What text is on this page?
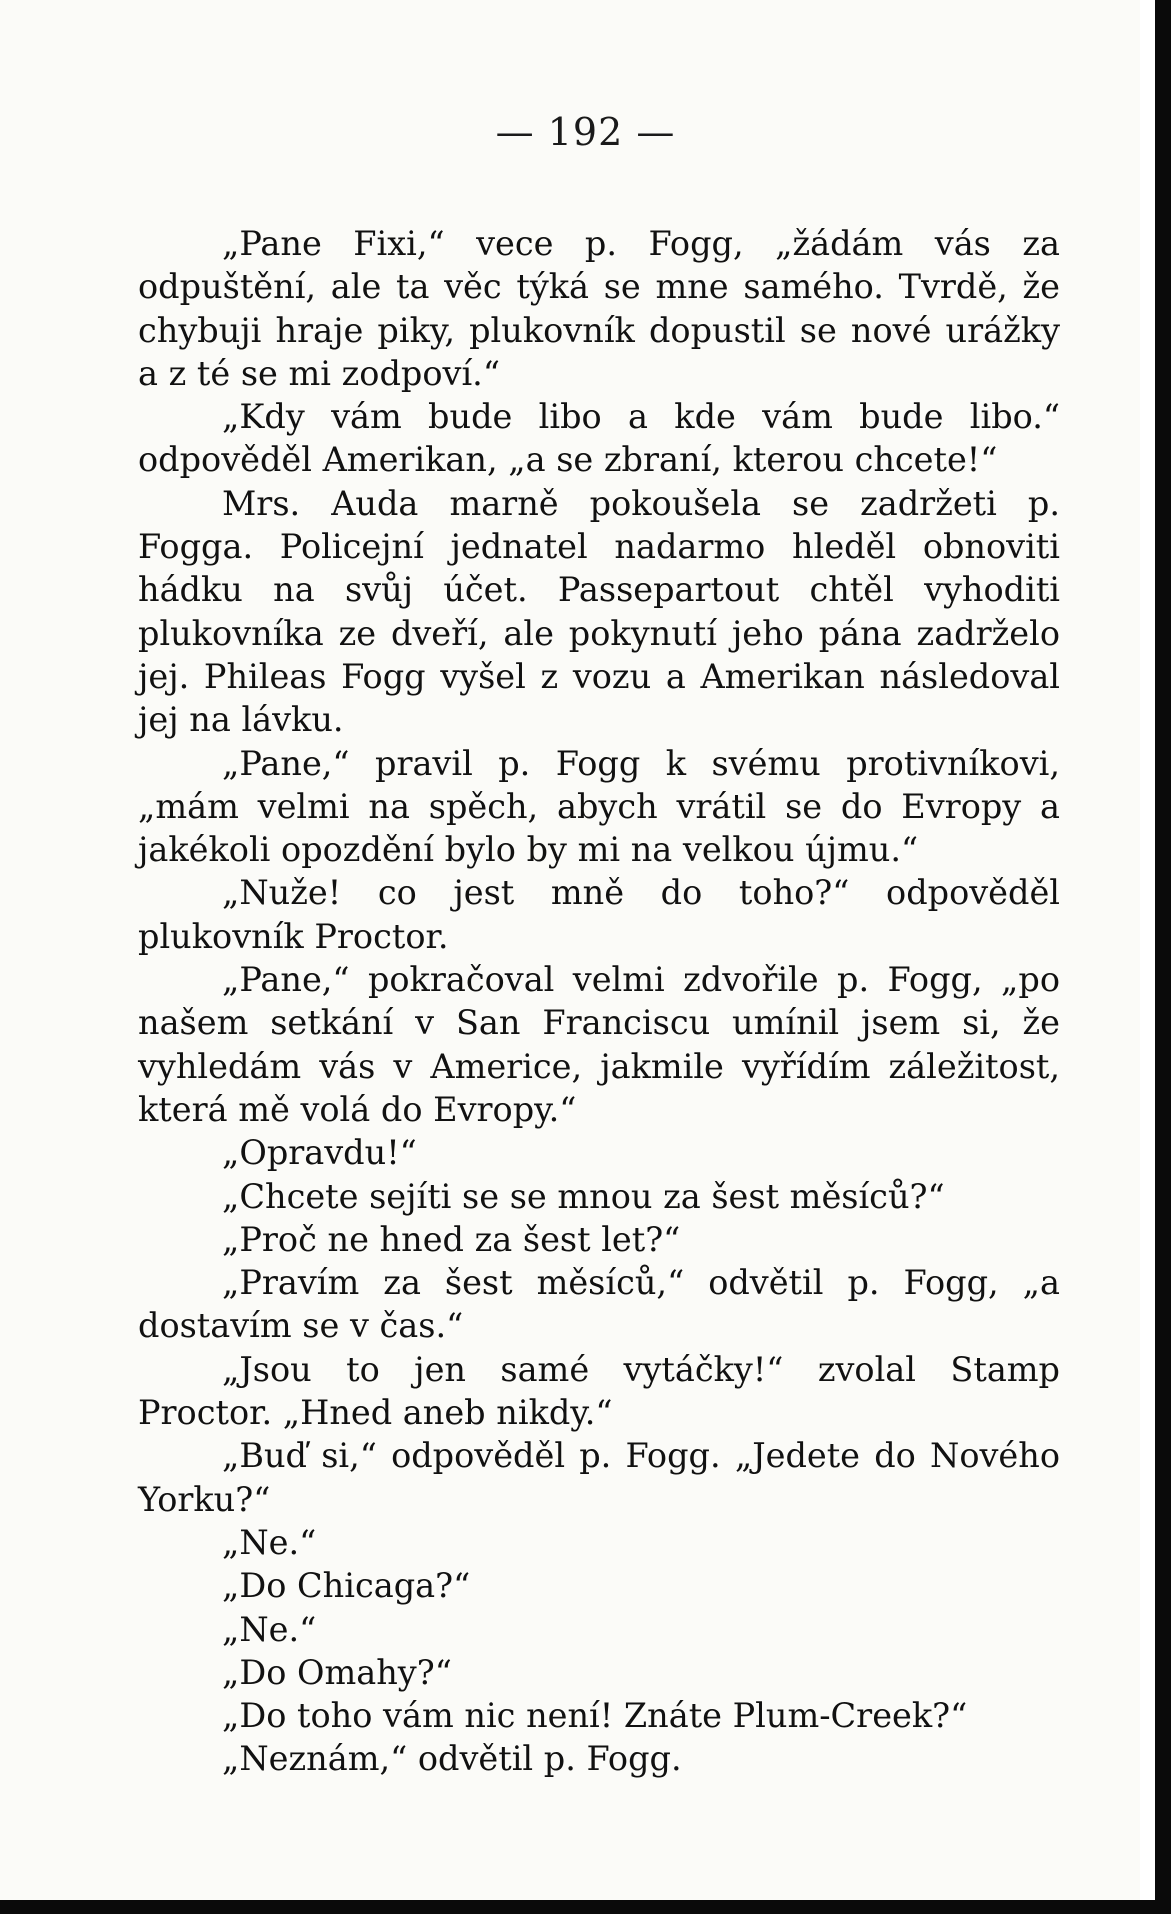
— 192 —

„Pane Fixi,“ vece p. Fogg, „žádám vás za odpuštění, ale ta věc týká se mne samého. Tvrdě, že chybuji hraje piky, plukovník dopustil se nové urážky a z té se mi zodpoví.“

„Kdy vám bude libo a kde vám bude libo.“ odpověděl Amerikan, „a se zbraní, kterou chcete!“

Mrs. Auda marně pokoušela se zadržeti p. Fogga. Policejní jednatel nadarmo hleděl obnoviti hádku na svůj účet. Passepartout chtěl vyhoditi plukovníka ze dveří, ale pokynutí jeho pána zadrželo jej. Phileas Fogg vyšel z vozu a Amerikan následoval jej na lávku.

„Pane,“ pravil p. Fogg k svému protivníkovi, „mám velmi na spěch, abych vrátil se do Evropy a jakékoli opozdění bylo by mi na velkou újmu.“

„Nuže! co jest mně do toho?“ odpověděl plukovník Proctor.

„Pane,“ pokračoval velmi zdvořile p. Fogg, „po našem setkání v San Franciscu umínil jsem si, že vyhledám vás v Americe, jakmile vyřídím záležitost, která mě volá do Evropy.“

„Opravdu!“

„Chcete sejíti se se mnou za šest měsíců?“

„Proč ne hned za šest let?“

„Pravím za šest měsíců,“ odvětil p. Fogg, „a dostavím se v čas.“

„Jsou to jen samé vytáčky!“ zvolal Stamp Proctor. „Hned aneb nikdy.“

„Buď si,“ odpověděl p. Fogg. „Jedete do Nového Yorku?“

„Ne.“

„Do Chicaga?“

„Ne.“

„Do Omahy?“

„Do toho vám nic není! Znáte Plum-Creek?“

„Neznám,“ odvětil p. Fogg.
